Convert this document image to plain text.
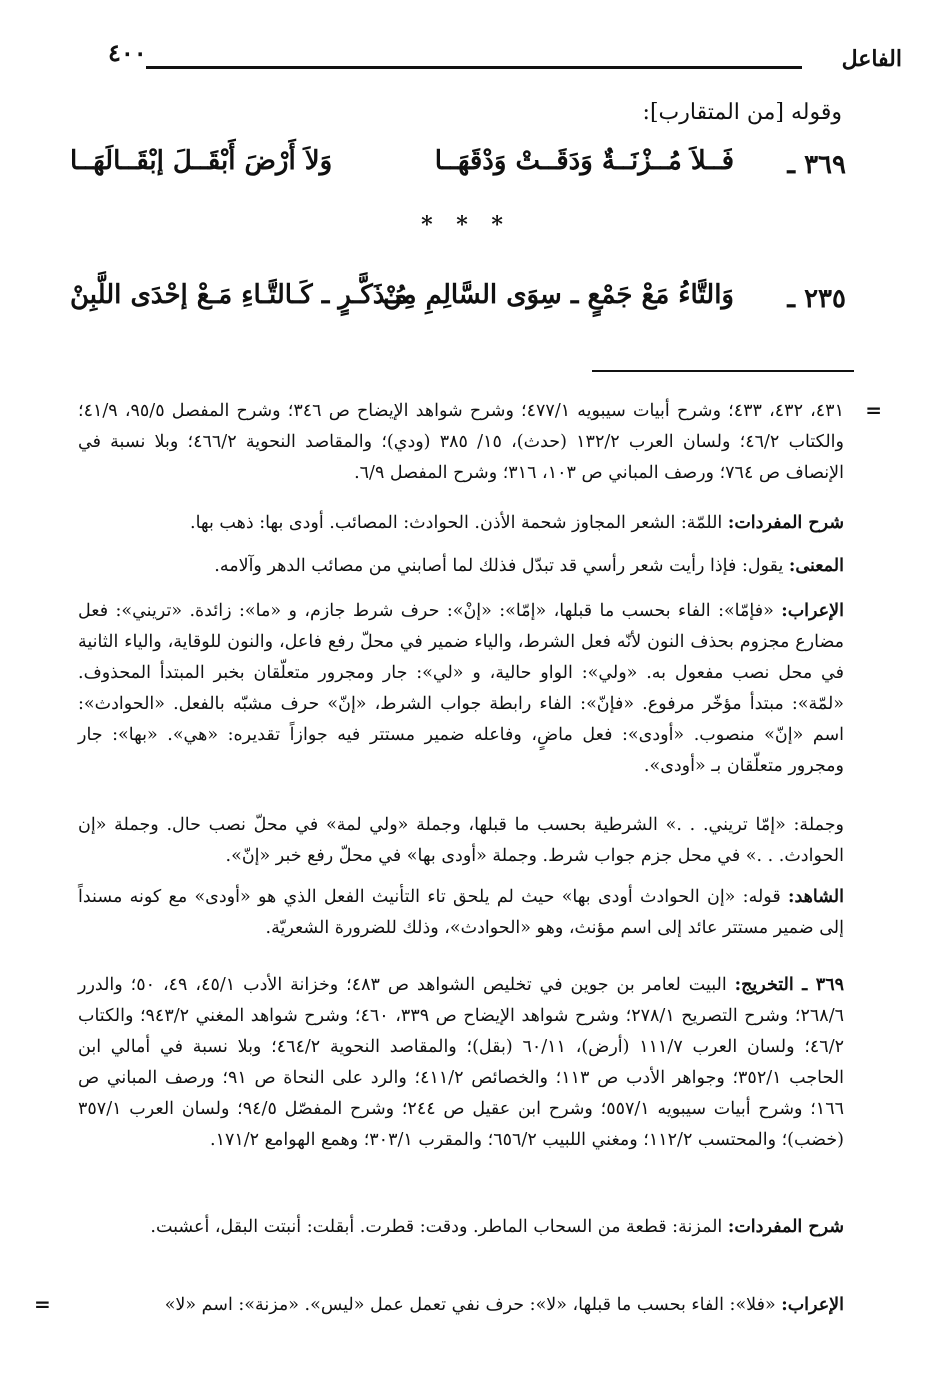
٤٠٠	الفاعل
وقوله [من المتقارب]:
٣٦٩ ـ
فَــلاَ مُــزْنَــةٌ وَدَقَــتْ وَدْقَهَــا
وَلاَ أَرْضَ أَبْقَــلَ إبْقَــالَهَــا
* * *
٢٣٥ ـ
وَالتَّاءُ مَعْ جَمْعٍ ـ سِوَى السَّالِمِ مِنْ
مُـذَكَّـرٍ ـ كَـالتَّـاءِ مَـعْ إحْدَى اللَّبِنْ
=

٤٣١، ٤٣٢، ٤٣٣؛ وشرح أبيات سيبويه ٤٧٧/١؛ وشرح شواهد الإيضاح ص ٣٤٦؛ وشرح المفصل ٩٥/٥، ٤١/٩؛ والكتاب ٤٦/٢؛ ولسان العرب ١٣٢/٢ (حدث)، ١٥/ ٣٨٥ (ودي)؛ والمقاصد النحوية ٤٦٦/٢؛ وبلا نسبة في الإنصاف ص ٧٦٤؛ ورصف المباني ص ١٠٣، ٣١٦؛ وشرح المفصل ٦/٩.

شرح المفردات: اللمّة: الشعر المجاوز شحمة الأذن. الحوادث: المصائب. أودى بها: ذهب بها.

المعنى: يقول: فإذا رأيت شعر رأسي قد تبدّل فذلك لما أصابني من مصائب الدهر وآلامه.

الإعراب: «فإمّا»: الفاء بحسب ما قبلها، «إمّا»: «إنْ»: حرف شرط جازم، و «ما»: زائدة. «تريني»: فعل مضارع مجزوم بحذف النون لأنّه فعل الشرط، والياء ضمير في محلّ رفع فاعل، والنون للوقاية، والياء الثانية في محل نصب مفعول به. «ولي»: الواو حالية، و «لي»: جار ومجرور متعلّقان بخبر المبتدأ المحذوف. «لمّة»: مبتدأ مؤخّر مرفوع. «فإنّ»: الفاء رابطة جواب الشرط، «إنّ» حرف مشبّه بالفعل. «الحوادث»: اسم «إنّ» منصوب. «أودى»: فعل ماضٍ، وفاعله ضمير مستتر فيه جوازاً تقديره: «هي». «بها»: جار ومجرور متعلّقان بـ «أودى».

وجملة: «إمّا تريني. . .» الشرطية بحسب ما قبلها، وجملة «ولي لمة» في محلّ نصب حال. وجملة «إن الحوادث. . .» في محل جزم جواب شرط. وجملة «أودى بها» في محلّ رفع خبر «إنّ».

الشاهد: قوله: «إن الحوادث أودى بها» حيث لم يلحق تاء التأنيث الفعل الذي هو «أودى» مع كونه مسنداً إلى ضمير مستتر عائد إلى اسم مؤنث، وهو «الحوادث»، وذلك للضرورة الشعريّة.

٣٦٩ ـ التخريج: البيت لعامر بن جوين في تخليص الشواهد ص ٤٨٣؛ وخزانة الأدب ٤٥/١، ٤٩، ٥٠؛ والدرر ٢٦٨/٦؛ وشرح التصريح ٢٧٨/١؛ وشرح شواهد الإيضاح ص ٣٣٩، ٤٦٠؛ وشرح شواهد المغني ٩٤٣/٢؛ والكتاب ٤٦/٢؛ ولسان العرب ١١١/٧ (أرض)، ٦٠/١١ (بقل)؛ والمقاصد النحوية ٤٦٤/٢؛ وبلا نسبة في أمالي ابن الحاجب ٣٥٢/١؛ وجواهر الأدب ص ١١٣؛ والخصائص ٤١١/٢؛ والرد على النحاة ص ٩١؛ ورصف المباني ص ١٦٦؛ وشرح أبيات سيبويه ٥٥٧/١؛ وشرح ابن عقيل ص ٢٤٤؛ وشرح المفصّل ٩٤/٥؛ ولسان العرب ٣٥٧/١ (خضب)؛ والمحتسب ١١٢/٢؛ ومغني اللبيب ٦٥٦/٢؛ والمقرب ٣٠٣/١؛ وهمع الهوامع ١٧١/٢.

شرح المفردات: المزنة: قطعة من السحاب الماطر. ودقت: قطرت. أبقلت: أنبتت البقل، أعشبت.

الإعراب: «فلا»: الفاء بحسب ما قبلها، «لا»: حرف نفي تعمل عمل «ليس». «مزنة»: اسم «لا»

=
